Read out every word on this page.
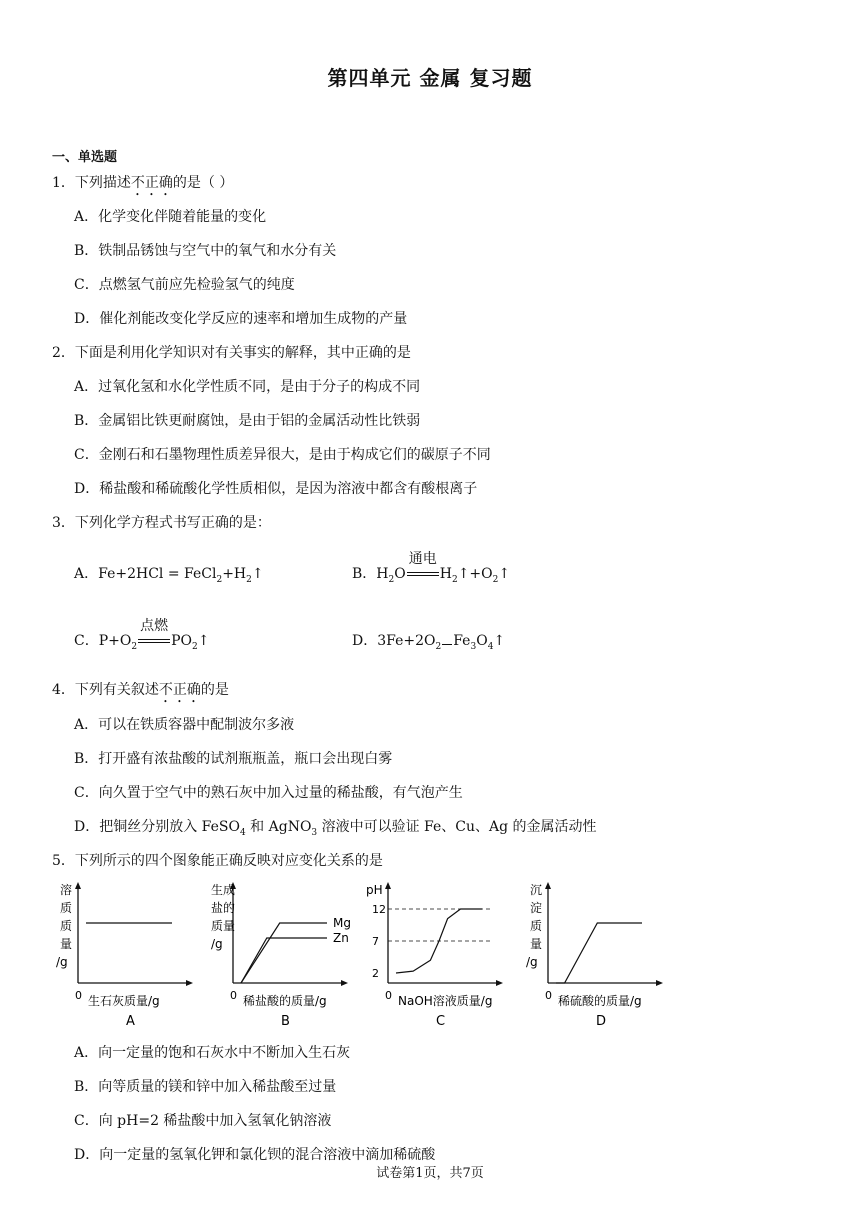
第四单元 金属 复习题
一、单选题
1．下列描述不正确的是（ ）
A．化学变化伴随着能量的变化
B．铁制品锈蚀与空气中的氧气和水分有关
C．点燃氢气前应先检验氢气的纯度
D．催化剂能改变化学反应的速率和增加生成物的产量
2．下面是利用化学知识对有关事实的解释，其中正确的是
A．过氧化氢和水化学性质不同，是由于分子的构成不同
B．金属铝比铁更耐腐蚀，是由于铝的金属活动性比铁弱
C．金刚石和石墨物理性质差异很大，是由于构成它们的碳原子不同
D．稀盐酸和稀硫酸化学性质相似，是因为溶液中都含有酸根离子
3．下列化学方程式书写正确的是：
A．$Fe+2HCl = FeCl_2+H_2↑$	B．$H_2O$
通电
$H_2↑+O_2↑$
C．$P+O_2$
点燃
$PO_2↑$	D．$3Fe+2O_2$ $Fe_3O_4↑$
4．下列有关叙述不正确的是
A．可以在铁质容器中配制波尔多液
B．打开盛有浓盐酸的试剂瓶瓶盖，瓶口会出现白雾
C．向久置于空气中的熟石灰中加入过量的稀盐酸，有气泡产生
D．把铜丝分别放入 FeSO$_4$ 和 AgNO$_3$ 溶液中可以验证 Fe、Cu、Ag 的金属活动性
5．下列所示的四个图象能正确反映对应变化关系的是
溶
质
质
量
/g
0 生石灰质量/g
A
生成
盐的
质量
/g
0 稀盐酸的质量/g
B
Mg
Zn
pH
0 NaOH溶液质量/g
C
12
7
2
沉
淀
质
量
/g
0 稀硫酸的质量/g
D
A．向一定量的饱和石灰水中不断加入生石灰
B．向等质量的镁和锌中加入稀盐酸至过量
C．向 pH=2 稀盐酸中加入氢氧化钠溶液
D．向一定量的氢氧化钾和氯化钡的混合溶液中滴加稀硫酸
试卷第1页，共7页
